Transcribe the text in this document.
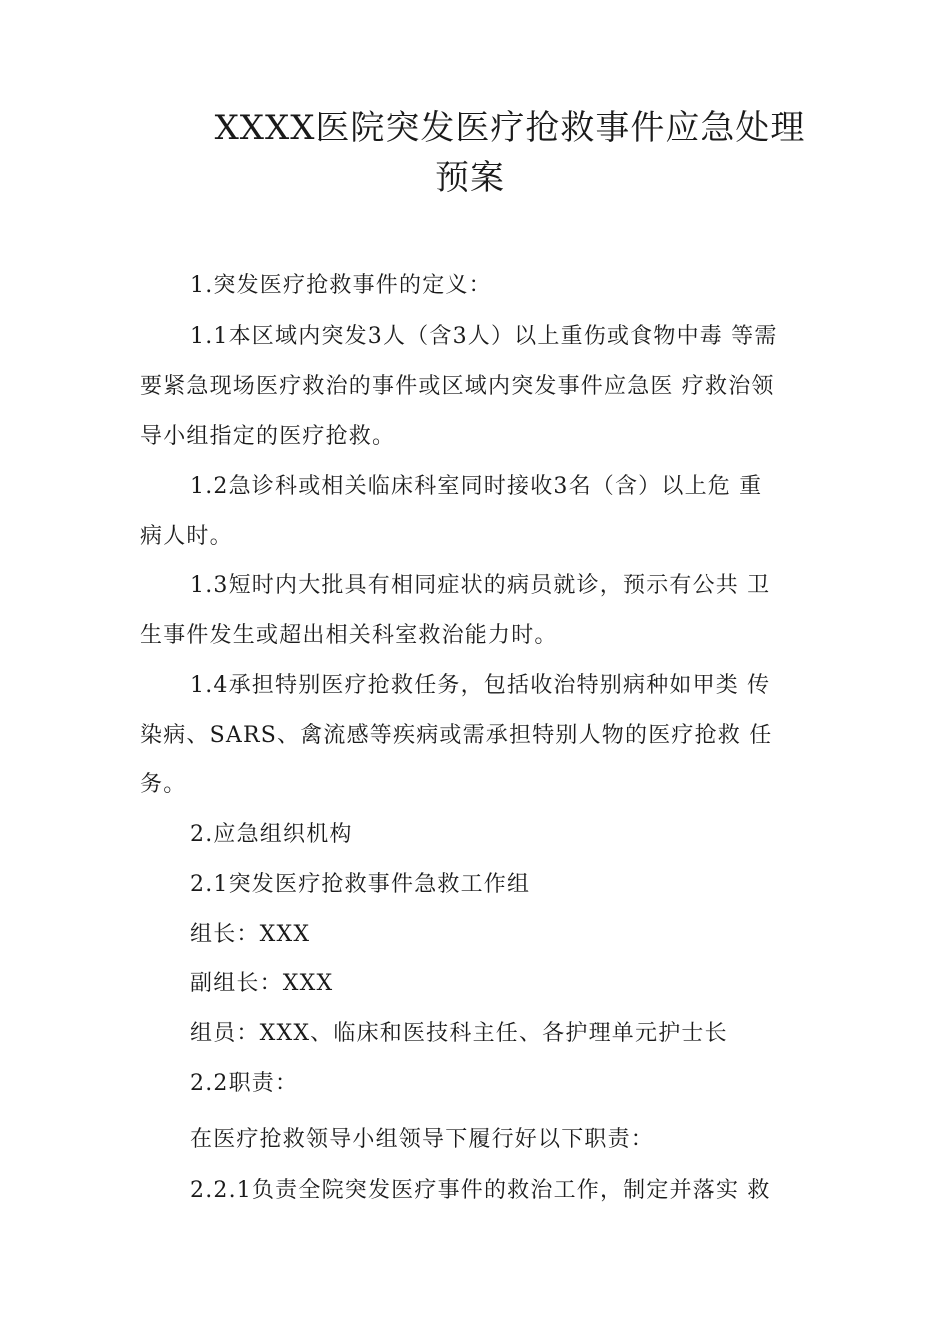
XXXX医院突发医疗抢救事件应急处理
预案
1.突发医疗抢救事件的定义：
1.1本区域内突发3人（含3人）以上重伤或食物中毒 等需
要紧急现场医疗救治的事件或区域内突发事件应急医 疗救治领
导小组指定的医疗抢救。
1.2急诊科或相关临床科室同时接收3名（含）以上危 重
病人时。
1.3短时内大批具有相同症状的病员就诊，预示有公共 卫
生事件发生或超出相关科室救治能力时。
1.4承担特别医疗抢救任务，包括收治特别病种如甲类 传
染病、SARS、禽流感等疾病或需承担特别人物的医疗抢救 任
务。
2.应急组织机构
2.1突发医疗抢救事件急救工作组
组长：XXX
副组长：XXX
组员：XXX、临床和医技科主任、各护理单元护士长
2.2职责：
在医疗抢救领导小组领导下履行好以下职责：
2.2.1负责全院突发医疗事件的救治工作，制定并落实 救
